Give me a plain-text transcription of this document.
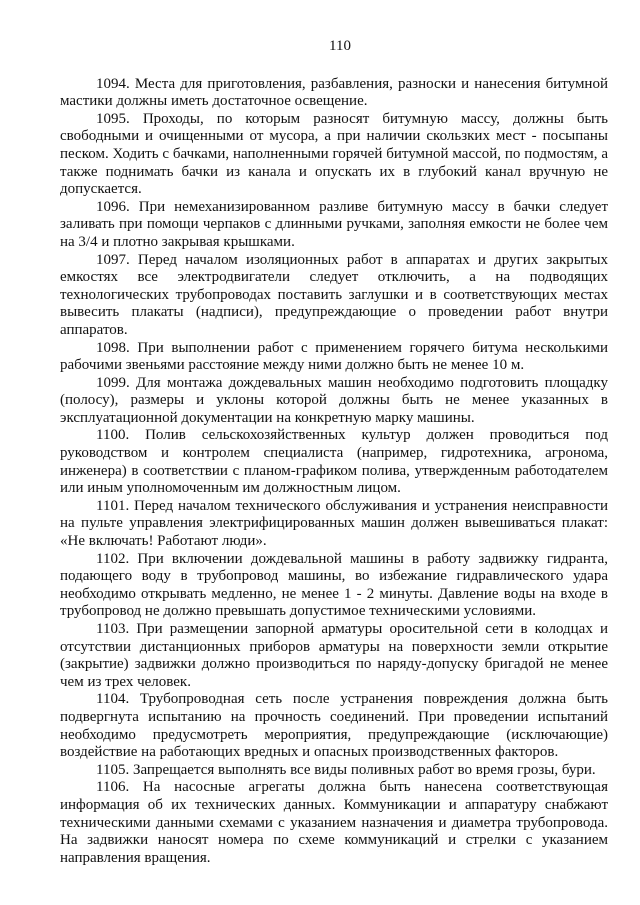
110

1094. Места для приготовления, разбавления, разноски и нанесения битумной мастики должны иметь достаточное освещение.

1095. Проходы, по которым разносят битумную массу, должны быть свободными и очищенными от мусора, а при наличии скользких мест - посыпаны песком. Ходить с бачками, наполненными горячей битумной массой, по подмостям, а также поднимать бачки из канала и опускать их в глубокий канал вручную не допускается.

1096. При немеханизированном разливе битумную массу в бачки следует заливать при помощи черпаков с длинными ручками, заполняя емкости не более чем на 3/4 и плотно закрывая крышками.

1097. Перед началом изоляционных работ в аппаратах и других закрытых емкостях все электродвигатели следует отключить, а на подводящих технологических трубопроводах поставить заглушки и в соответствующих местах вывесить плакаты (надписи), предупреждающие о проведении работ внутри аппаратов.

1098. При выполнении работ с применением горячего битума несколькими рабочими звеньями расстояние между ними должно быть не менее 10 м.

1099. Для монтажа дождевальных машин необходимо подготовить площадку (полосу), размеры и уклоны которой должны быть не менее указанных в эксплуатационной документации на конкретную марку машины.

1100. Полив сельскохозяйственных культур должен проводиться под руководством и контролем специалиста (например, гидротехника, агронома, инженера) в соответствии с планом-графиком полива, утвержденным работодателем или иным уполномоченным им должностным лицом.

1101. Перед началом технического обслуживания и устранения неисправности на пульте управления электрифицированных машин должен вывешиваться плакат: «Не включать! Работают люди».

1102. При включении дождевальной машины в работу задвижку гидранта, подающего воду в трубопровод машины, во избежание гидравлического удара необходимо открывать медленно, не менее 1 - 2 минуты. Давление воды на входе в трубопровод не должно превышать допустимое техническими условиями.

1103. При размещении запорной арматуры оросительной сети в колодцах и отсутствии дистанционных приборов арматуры на поверхности земли открытие (закрытие) задвижки должно производиться по наряду-допуску бригадой не менее чем из трех человек.

1104. Трубопроводная сеть после устранения повреждения должна быть подвергнута испытанию на прочность соединений. При проведении испытаний необходимо предусмотреть мероприятия, предупреждающие (исключающие) воздействие на работающих вредных и опасных производственных факторов.

1105. Запрещается выполнять все виды поливных работ во время грозы, бури.

1106. На насосные агрегаты должна быть нанесена соответствующая информация об их технических данных. Коммуникации и аппаратуру снабжают техническими данными схемами с указанием назначения и диаметра трубопровода. На задвижки наносят номера по схеме коммуникаций и стрелки с указанием направления вращения.
